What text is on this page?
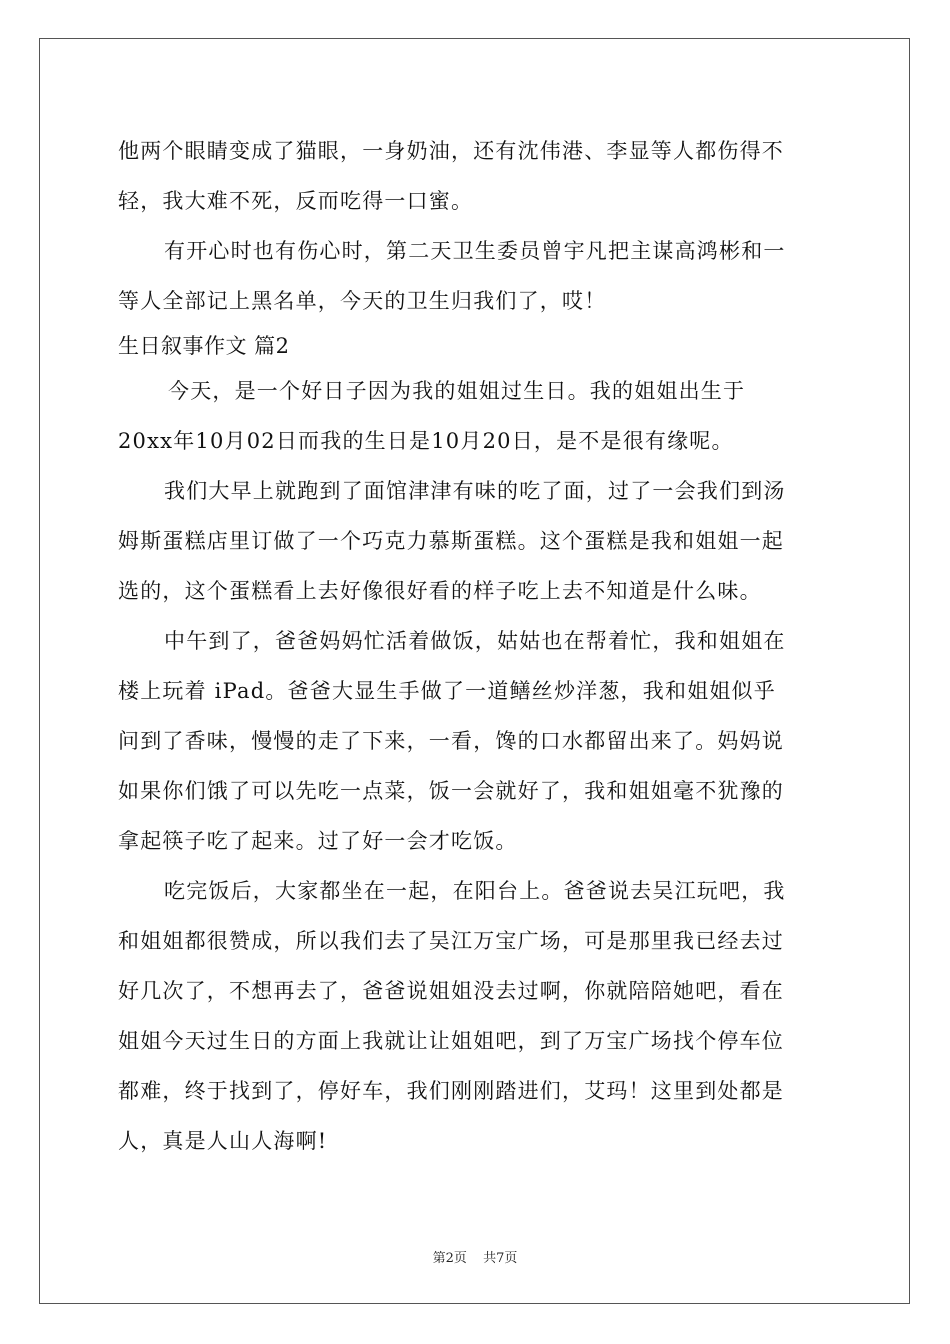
他两个眼睛变成了猫眼，一身奶油，还有沈伟港、李显等人都伤得不
轻，我大难不死，反而吃得一口蜜。
有开心时也有伤心时，第二天卫生委员曾宇凡把主谋高鸿彬和一
等人全部记上黑名单，今天的卫生归我们了，哎！
生日叙事作文 篇2
今天，是一个好日子因为我的姐姐过生日。我的姐姐出生于
20xx年10月02日而我的生日是10月20日，是不是很有缘呢。
我们大早上就跑到了面馆津津有味的吃了面，过了一会我们到汤
姆斯蛋糕店里订做了一个巧克力慕斯蛋糕。这个蛋糕是我和姐姐一起
选的，这个蛋糕看上去好像很好看的样子吃上去不知道是什么味。
中午到了，爸爸妈妈忙活着做饭，姑姑也在帮着忙，我和姐姐在
楼上玩着 iPad。爸爸大显生手做了一道鳝丝炒洋葱，我和姐姐似乎
问到了香味，慢慢的走了下来，一看，馋的口水都留出来了。妈妈说
如果你们饿了可以先吃一点菜，饭一会就好了，我和姐姐毫不犹豫的
拿起筷子吃了起来。过了好一会才吃饭。
吃完饭后，大家都坐在一起，在阳台上。爸爸说去吴江玩吧，我
和姐姐都很赞成，所以我们去了吴江万宝广场，可是那里我已经去过
好几次了，不想再去了，爸爸说姐姐没去过啊，你就陪陪她吧，看在
姐姐今天过生日的方面上我就让让姐姐吧，到了万宝广场找个停车位
都难，终于找到了，停好车，我们刚刚踏进们，艾玛！这里到处都是
人，真是人山人海啊!
第2页 共7页
